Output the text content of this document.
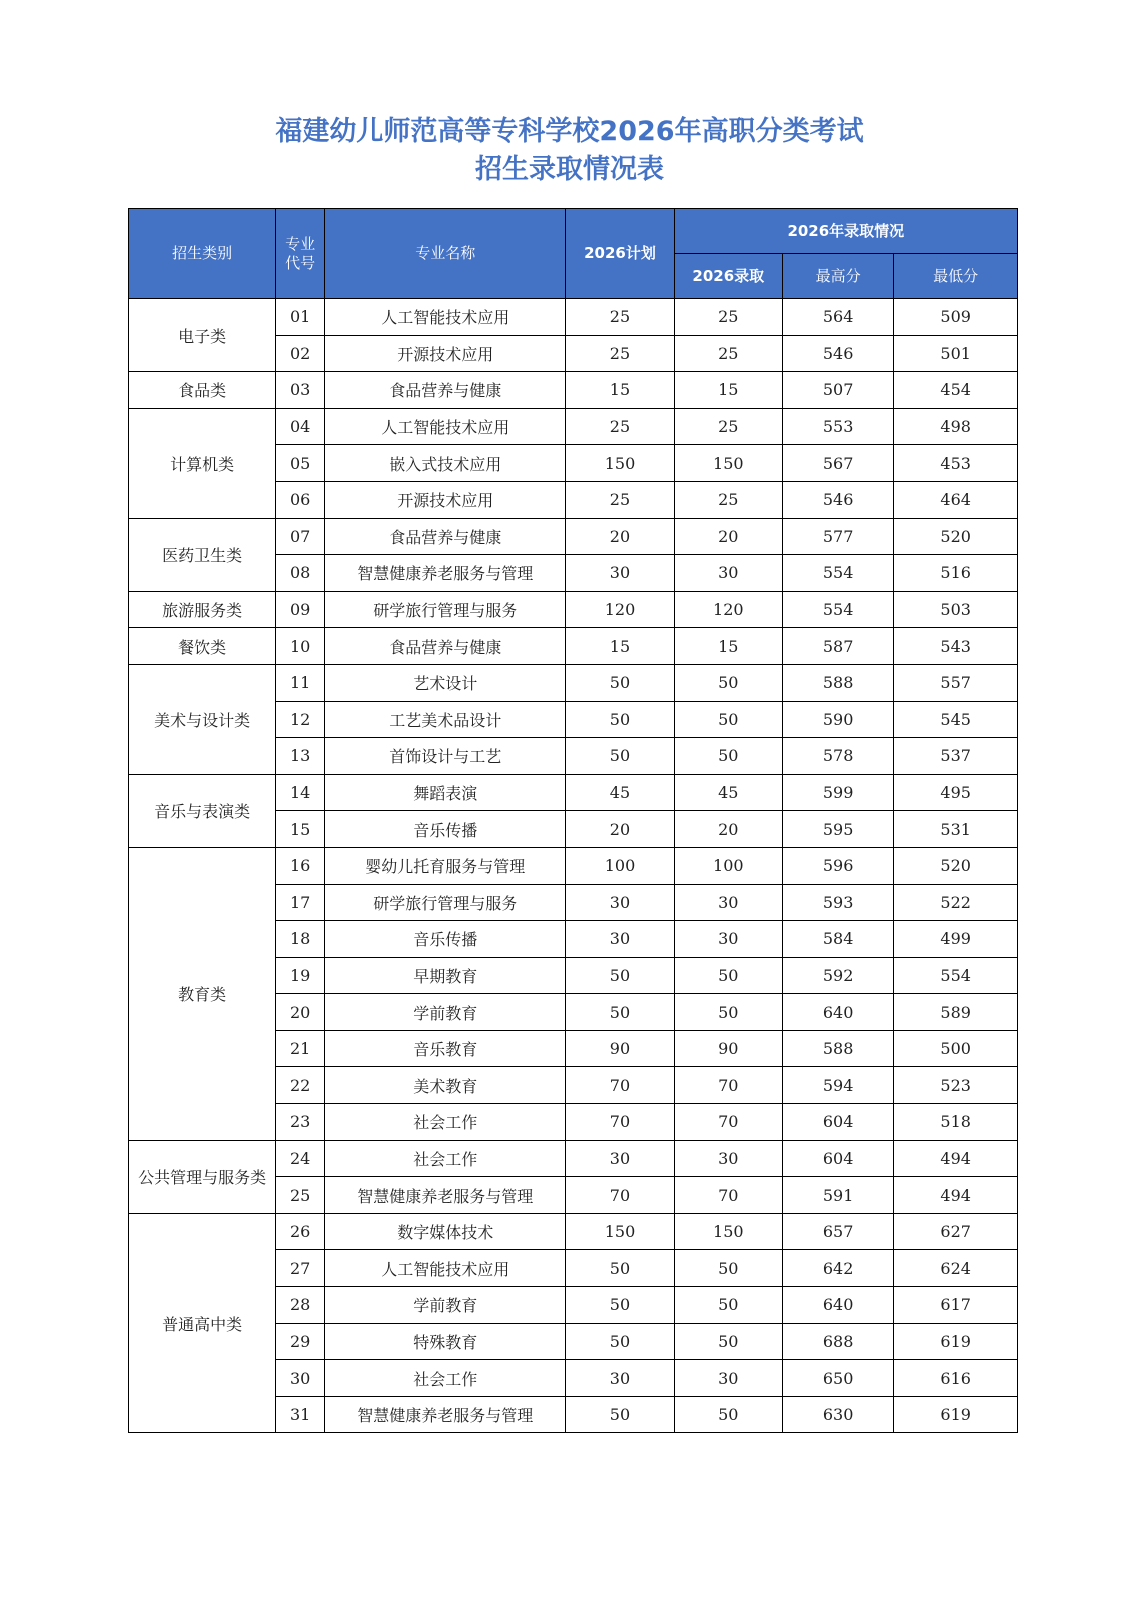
福建幼儿师范高等专科学校2026年高职分类考试
招生录取情况表
招生类别	专业代号	专业名称	2026计划	2026年录取情况		
				2026录取	最高分	最低分
电子类	01	人工智能技术应用	25	25	564	509
	02	开源技术应用	25	25	546	501
食品类	03	食品营养与健康	15	15	507	454
计算机类	04	人工智能技术应用	25	25	553	498
	05	嵌入式技术应用	150	150	567	453
	06	开源技术应用	25	25	546	464
医药卫生类	07	食品营养与健康	20	20	577	520
	08	智慧健康养老服务与管理	30	30	554	516
旅游服务类	09	研学旅行管理与服务	120	120	554	503
餐饮类	10	食品营养与健康	15	15	587	543
美术与设计类	11	艺术设计	50	50	588	557
	12	工艺美术品设计	50	50	590	545
	13	首饰设计与工艺	50	50	578	537
音乐与表演类	14	舞蹈表演	45	45	599	495
	15	音乐传播	20	20	595	531
教育类	16	婴幼儿托育服务与管理	100	100	596	520
	17	研学旅行管理与服务	30	30	593	522
	18	音乐传播	30	30	584	499
	19	早期教育	50	50	592	554
	20	学前教育	50	50	640	589
	21	音乐教育	90	90	588	500
	22	美术教育	70	70	594	523
	23	社会工作	70	70	604	518
公共管理与服务类	24	社会工作	30	30	604	494
	25	智慧健康养老服务与管理	70	70	591	494
普通高中类	26	数字媒体技术	150	150	657	627
	27	人工智能技术应用	50	50	642	624
	28	学前教育	50	50	640	617
	29	特殊教育	50	50	688	619
	30	社会工作	30	30	650	616
	31	智慧健康养老服务与管理	50	50	630	619
